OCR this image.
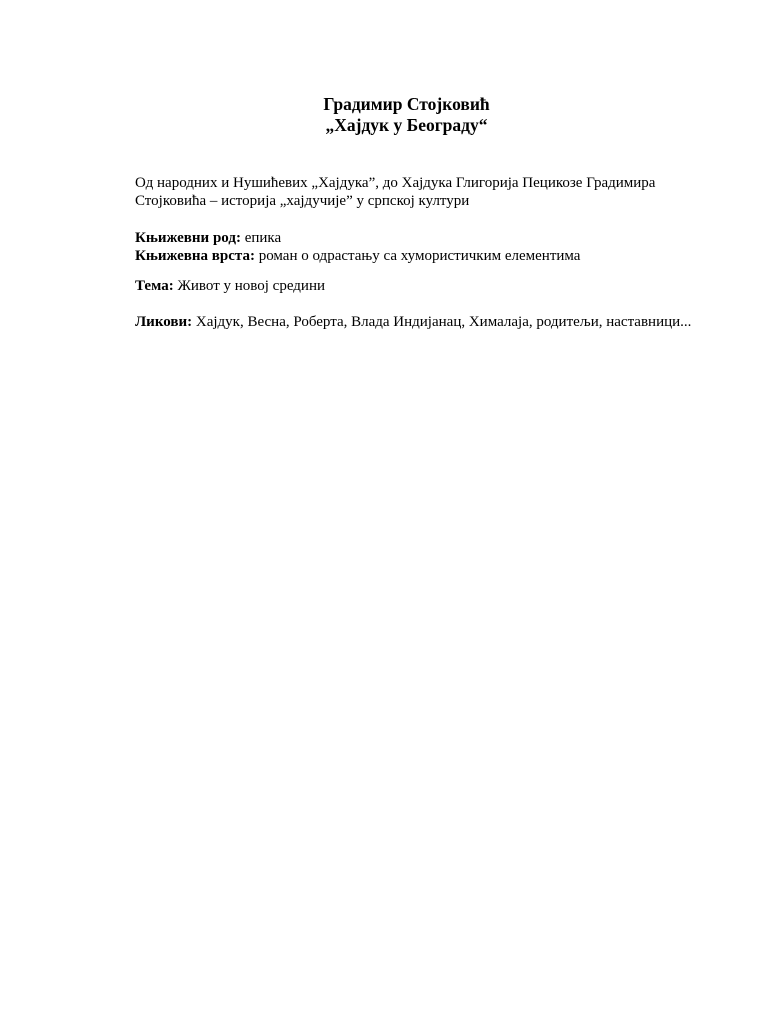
Градимир Стојковић
„Хајдук у Београду“

Од народних и Нушићевих „Хајдука”, до Хајдука Глигорија Пецикозе Градимира Стојковића – историја „хајдучије” у српској култури

Књижевни род: епика

Књижевна врста: роман о одрастању са хумористичким елементима

Тема: Живот у новој средини

Ликови: Хајдук, Весна, Роберта, Влада Индијанац, Хималаја, родитељи, наставници...
